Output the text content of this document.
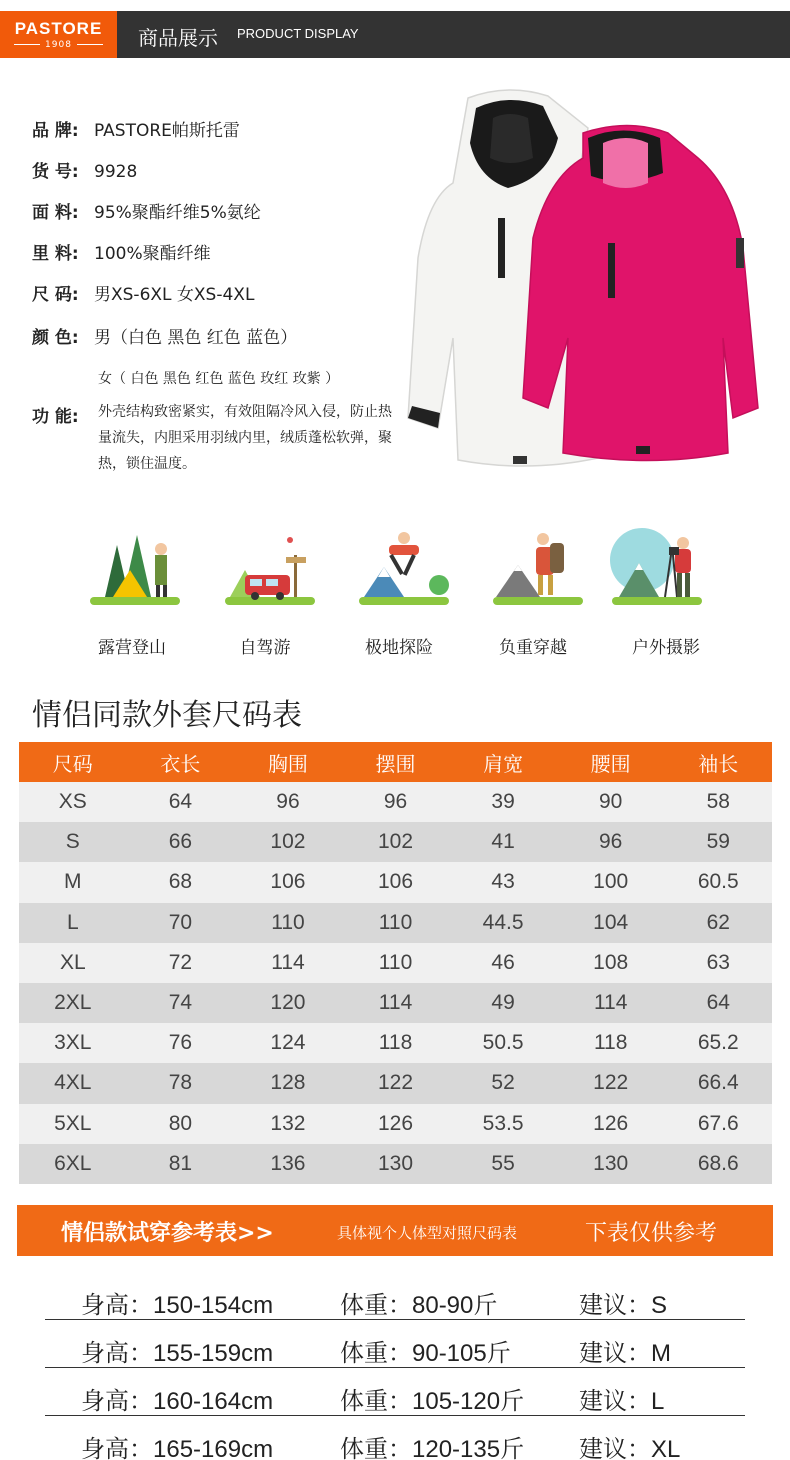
PASTORE
1908	商品展示 PRODUCT DISPLAY
品 牌: PASTORE帕斯托雷
货 号: 9928
面 料: 95%聚酯纤维5%氨纶
里 料: 100%聚酯纤维
尺 码: 男XS-6XL 女XS-4XL
颜 色: 男（白色 黑色 红色 蓝色）
女（ 白色 黑色 红色 蓝色 玫红 玫紫 ）
功 能:	外壳结构致密紧实，有效阻隔冷风入侵，防止热量流失，内胆采用羽绒内里，绒质蓬松软弹，聚热，锁住温度。
露营登山	自驾游	极地探险	负重穿越	户外摄影
情侣同款外套尺码表
尺码	衣长	胸围	摆围	肩宽	腰围	袖长
XS	64	96	96	39	90	58
S	66	102	102	41	96	59
M	68	106	106	43	100	60.5
L	70	110	110	44.5	104	62
XL	72	114	110	46	108	63
2XL	74	120	114	49	114	64
3XL	76	124	118	50.5	118	65.2
4XL	78	128	122	52	122	66.4
5XL	80	132	126	53.5	126	67.6
6XL	81	136	130	55	130	68.6
情侣款试穿参考表>>	具体视个人体型对照尺码表	下表仅供参考
身高：150-154cm	体重：80-90斤	建议：S
身高：155-159cm	体重：90-105斤	建议：M
身高：160-164cm	体重：105-120斤 建议：L
身高：165-169cm	体重：120-135斤 建议：XL
